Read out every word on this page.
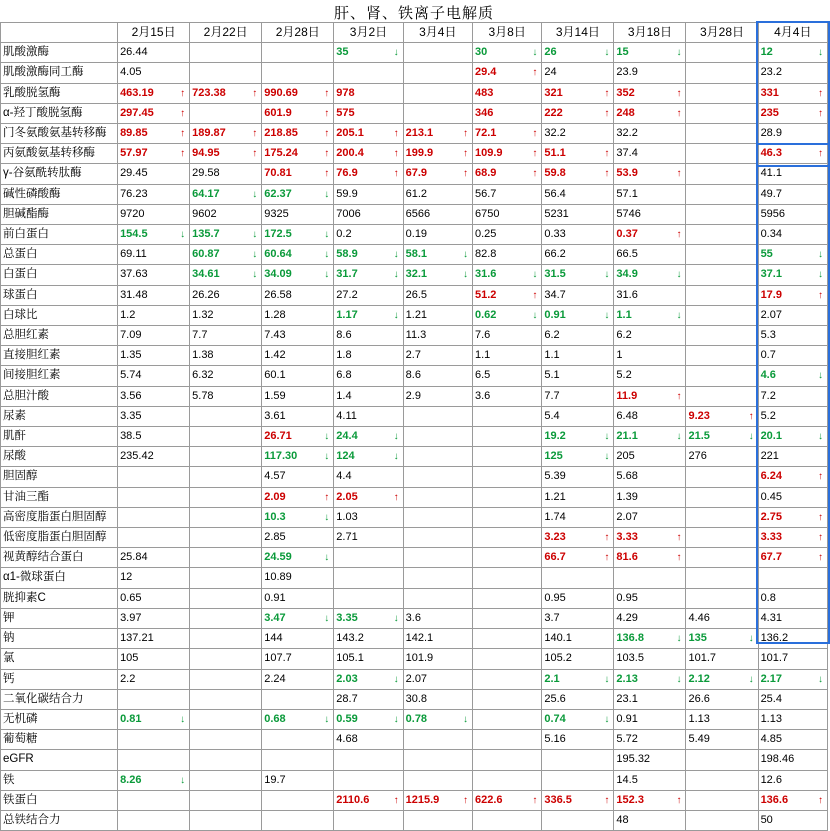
肝、肾、铁离子电解质
	2月15日	2月22日	2月28日	3月2日	3月4日	3月8日	3月14日	3月18日	3月28日	4月4日
肌酸激酶	26.44			35 ↓		30 ↓	26 ↓	15 ↓		12 ↓

肌酸激酶同工酶	4.05					29.4 ↑	24	23.9		23.2
乳酸脱氢酶	463.19 ↑	723.38 ↑	990.69 ↑	978		483	321 ↑	352 ↑		331 ↑

α-羟丁酸脱氢酶	297.45 ↑		601.9 ↑	575		346	222 ↑	248 ↑		235 ↑

门冬氨酸氨基转移酶	89.85 ↑	189.87 ↑	218.85 ↑	205.1 ↑	213.1 ↑	72.1 ↑	32.2	32.2		28.9
丙氨酸氨基转移酶	57.97 ↑	94.95 ↑	175.24 ↑	200.4 ↑	199.9 ↑	109.9 ↑	51.1 ↑	37.4		46.3 ↑

γ-谷氨酰转肽酶	29.45	29.58	70.81 ↑	76.9 ↑	67.9 ↑	68.9 ↑	59.8 ↑	53.9 ↑		41.1
碱性磷酸酶	76.23	64.17 ↓	62.37 ↓	59.9	61.2	56.7	56.4	57.1		49.7
胆碱酯酶	9720	9602	9325	7006	6566	6750	5231	5746		5956
前白蛋白	154.5 ↓	135.7 ↓	172.5 ↓	0.2	0.19	0.25	0.33	0.37 ↑		0.34
总蛋白	69.11	60.87 ↓	60.64 ↓	58.9 ↓	58.1 ↓	82.8	66.2	66.5		55 ↓

白蛋白	37.63	34.61 ↓	34.09 ↓	31.7 ↓	32.1 ↓	31.6 ↓	31.5 ↓	34.9 ↓		37.1 ↓

球蛋白	31.48	26.26	26.58	27.2	26.5	51.2 ↑	34.7	31.6		17.9 ↑

白球比	1.2	1.32	1.28	1.17 ↓	1.21	0.62 ↓	0.91 ↓	1.1 ↓		2.07
总胆红素	7.09	7.7	7.43	8.6	11.3	7.6	6.2	6.2		5.3
直接胆红素	1.35	1.38	1.42	1.8	2.7	1.1	1.1	1		0.7
间接胆红素	5.74	6.32	60.1	6.8	8.6	6.5	5.1	5.2		4.6 ↓

总胆汁酸	3.56	5.78	1.59	1.4	2.9	3.6	7.7	11.9 ↑		7.2
尿素	3.35		3.61	4.11			5.4	6.48	9.23 ↑	5.2
肌酐	38.5		26.71 ↓	24.4 ↓			19.2 ↓	21.1 ↓	21.5 ↓	20.1 ↓

尿酸	235.42		117.30 ↓	124 ↓			125 ↓	205	276	221
胆固醇			4.57	4.4			5.39	5.68		6.24 ↑

甘油三酯			2.09 ↑	2.05 ↑			1.21	1.39		0.45
高密度脂蛋白胆固醇			10.3 ↓	1.03			1.74	2.07		2.75 ↑

低密度脂蛋白胆固醇			2.85	2.71			3.23 ↑	3.33 ↑		3.33 ↑

视黄醇结合蛋白	25.84		24.59 ↓				66.7 ↑	81.6 ↑		67.7 ↑

α1-微球蛋白	12		10.89							
胱抑素C	0.65		0.91				0.95	0.95		0.8
钾	3.97		3.47 ↓	3.35 ↓	3.6		3.7	4.29	4.46	4.31
钠	137.21		144	143.2	142.1		140.1	136.8 ↓	135 ↓	136.2
氯	105		107.7	105.1	101.9		105.2	103.5	101.7	101.7
钙	2.2		2.24	2.03 ↓	2.07		2.1 ↓	2.13 ↓	2.12 ↓	2.17 ↓

二氧化碳结合力				28.7	30.8		25.6	23.1	26.6	25.4
无机磷	0.81 ↓		0.68 ↓	0.59 ↓	0.78 ↓		0.74 ↓	0.91	1.13	1.13
葡萄糖				4.68			5.16	5.72	5.49	4.85
eGFR								195.32		198.46
铁	8.26 ↓		19.7					14.5		12.6
铁蛋白				2110.6 ↑	1215.9 ↑	622.6 ↑	336.5 ↑	152.3 ↑		136.6 ↑

总铁结合力								48		50
